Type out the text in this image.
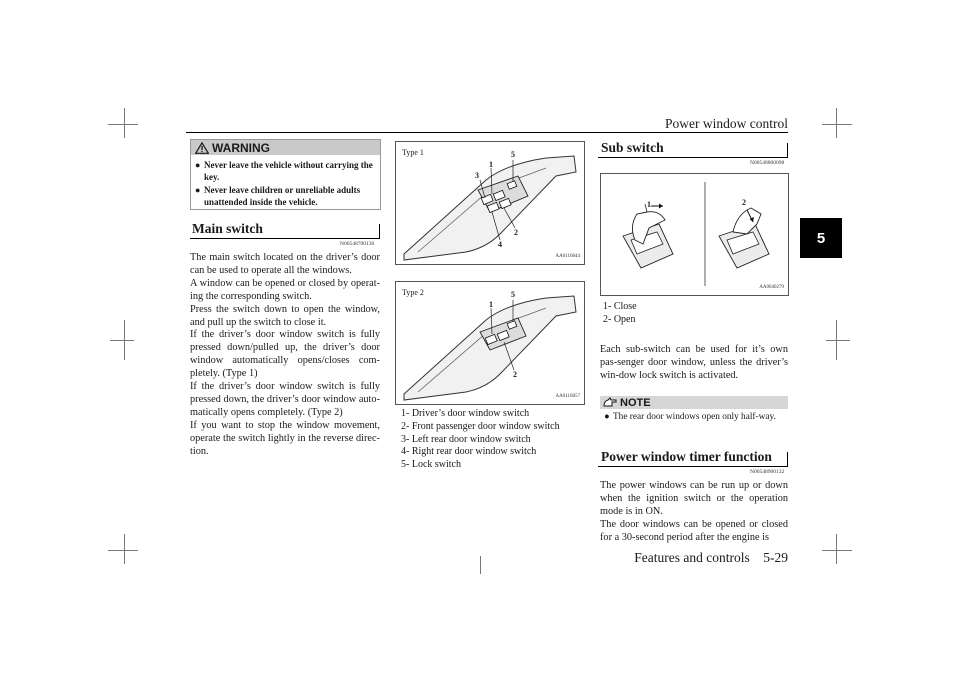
Power window control
Features and controls 5-29
5
WARNING
● Never leave the vehicle without carrying the key.
● Never leave children or unreliable adults unattended inside the vehicle.
Main switch
N00548700130

The main switch located on the driver’s door can be used to operate all the windows.

A window can be opened or closed by operat-ing the corresponding switch.

Press the switch down to open the window, and pull up the switch to close it.

If the driver’s door window switch is fully pressed down/pulled up, the driver’s door window automatically opens/closes com-pletely. (Type 1)

If the driver’s door window switch is fully pressed down, the driver’s door window auto-matically opens completely. (Type 2)

If you want to stop the window movement, operate the switch lightly in the reverse direc-tion.

Type 1
1
5
3
2
4
AA0116844
Type 2
1
5
2
AA0116857
1- Driver’s door window switch
2- Front passenger door window switch
3- Left rear door window switch
4- Right rear door window switch
5- Lock switch
Sub switch
N00548800098
1	2
AA0040279
1- Close
2- Open

Each sub-switch can be used for it’s own pas-senger door window, unless the driver’s win-dow lock switch is activated.

NOTE
● The rear door windows open only half-way.
Power window timer function
N00548900132

The power windows can be run up or down when the ignition switch or the operation mode is in ON.

The door windows can be opened or closed for a 30-second period after the engine is
